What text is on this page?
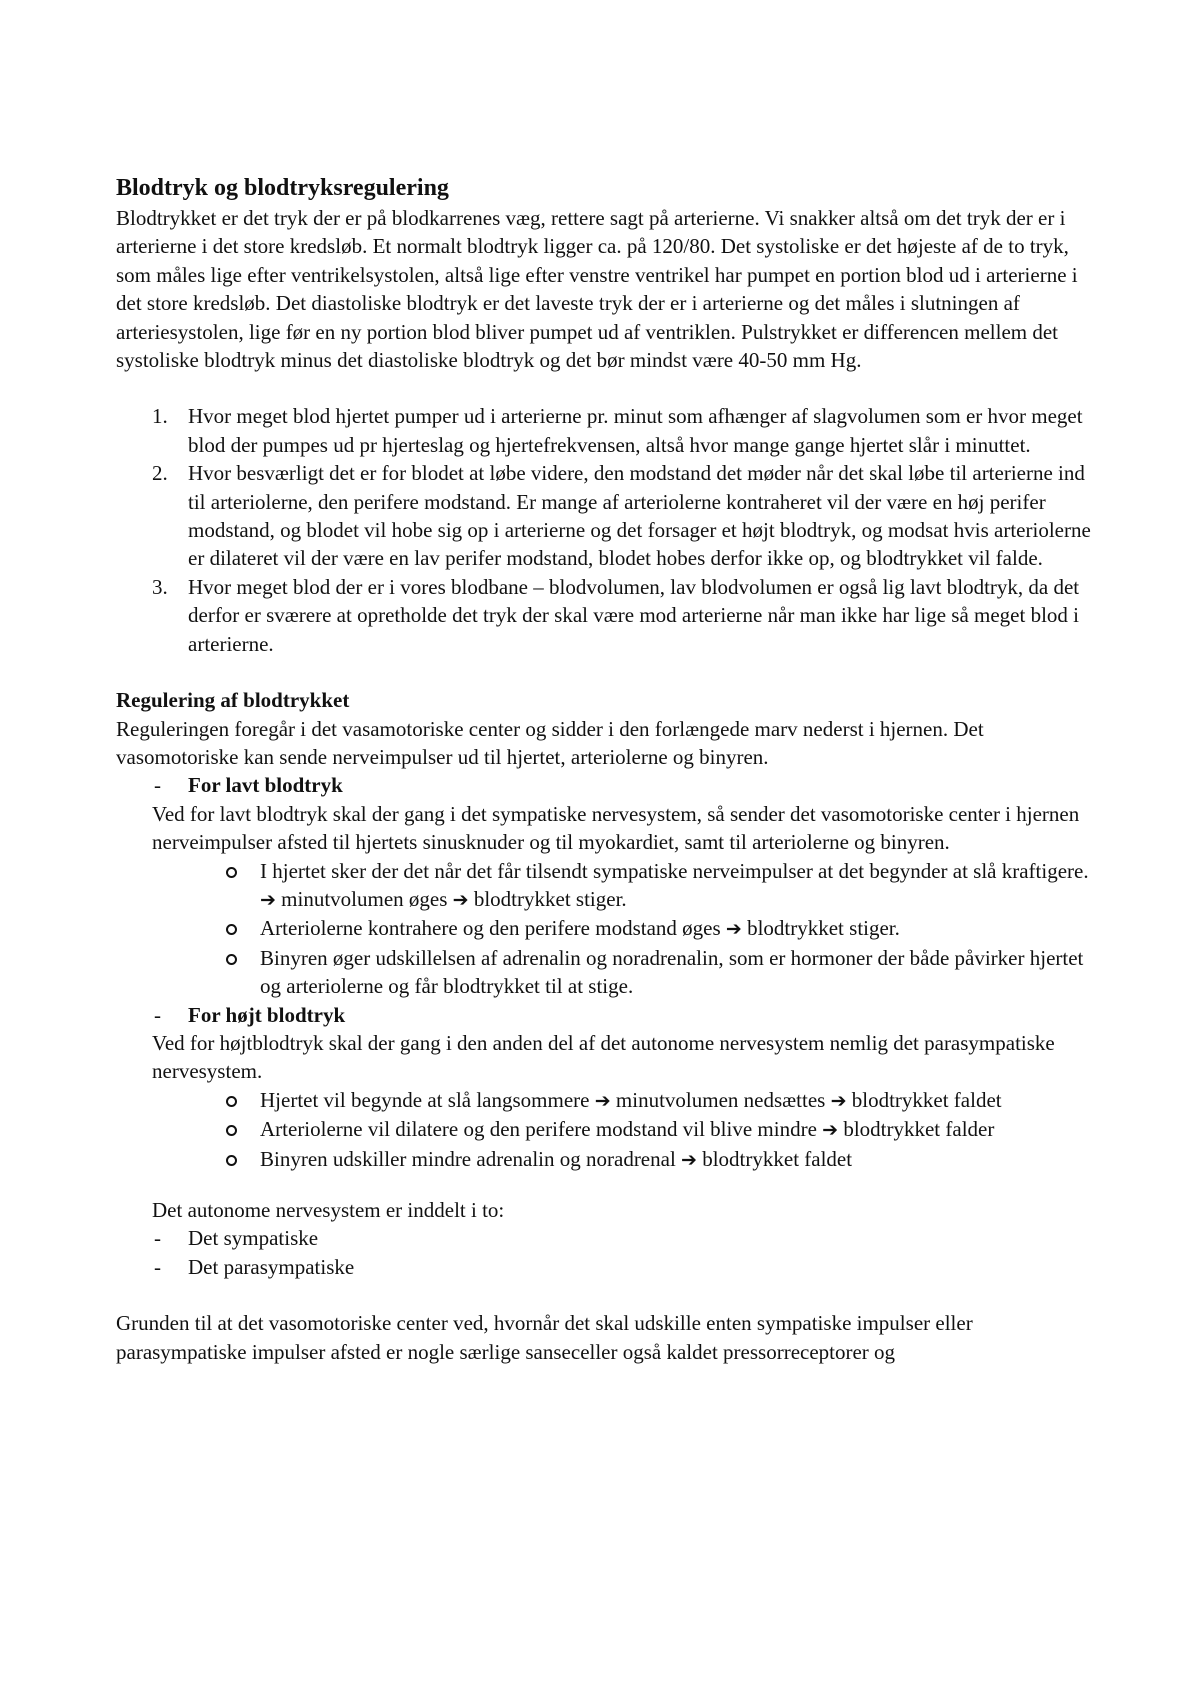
Blodtryk og blodtryksregulering

Blodtrykket er det tryk der er på blodkarrenes væg, rettere sagt på arterierne. Vi snakker altså om det tryk der er i arterierne i det store kredsløb. Et normalt blodtryk ligger ca. på 120/80. Det systoliske er det højeste af de to tryk, som måles lige efter ventrikelsystolen, altså lige efter venstre ventrikel har pumpet en portion blod ud i arterierne i det store kredsløb. Det diastoliske blodtryk er det laveste tryk der er i arterierne og det måles i slutningen af arteriesystolen, lige før en ny portion blod bliver pumpet ud af ventriklen. Pulstrykket er differencen mellem det systoliske blodtryk minus det diastoliske blodtryk og det bør mindst være 40-50 mm Hg.

1. Hvor meget blod hjertet pumper ud i arterierne pr. minut som afhænger af slagvolumen som er hvor meget blod der pumpes ud pr hjerteslag og hjertefrekvensen, altså hvor mange gange hjertet slår i minuttet.
2. Hvor besværligt det er for blodet at løbe videre, den modstand det møder når det skal løbe til arterierne ind til arteriolerne, den perifere modstand. Er mange af arteriolerne kontraheret vil der være en høj perifer modstand, og blodet vil hobe sig op i arterierne og det forsager et højt blodtryk, og modsat hvis arteriolerne er dilateret vil der være en lav perifer modstand, blodet hobes derfor ikke op, og blodtrykket vil falde.
3. Hvor meget blod der er i vores blodbane – blodvolumen, lav blodvolumen er også lig lavt blodtryk, da det derfor er sværere at opretholde det tryk der skal være mod arterierne når man ikke har lige så meget blod i arterierne.
Regulering af blodtrykket

Reguleringen foregår i det vasamotoriske center og sidder i den forlængede marv nederst i hjernen. Det vasomotoriske kan sende nerveimpulser ud til hjertet, arteriolerne og binyren.

- For lavt blodtryk

Ved for lavt blodtryk skal der gang i det sympatiske nervesystem, så sender det vasomotoriske center i hjernen nerveimpulser afsted til hjertets sinusknuder og til myokardiet, samt til arteriolerne og binyren.

I hjertet sker der det når det får tilsendt sympatiske nerveimpulser at det begynder at slå kraftigere. ➔ minutvolumen øges ➔ blodtrykket stiger.
Arteriolerne kontrahere og den perifere modstand øges ➔ blodtrykket stiger.
Binyren øger udskillelsen af adrenalin og noradrenalin, som er hormoner der både påvirker hjertet og arteriolerne og får blodtrykket til at stige.
- For højt blodtryk

Ved for højtblodtryk skal der gang i den anden del af det autonome nervesystem nemlig det parasympatiske nervesystem.

Hjertet vil begynde at slå langsommere ➔ minutvolumen nedsættes ➔ blodtrykket faldet
Arteriolerne vil dilatere og den perifere modstand vil blive mindre ➔ blodtrykket falder
Binyren udskiller mindre adrenalin og noradrenal ➔ blodtrykket faldet

Det autonome nervesystem er inddelt i to:

- Det sympatiske
- Det parasympatiske

Grunden til at det vasomotoriske center ved, hvornår det skal udskille enten sympatiske impulser eller parasympatiske impulser afsted er nogle særlige sanseceller også kaldet pressorreceptorer og
